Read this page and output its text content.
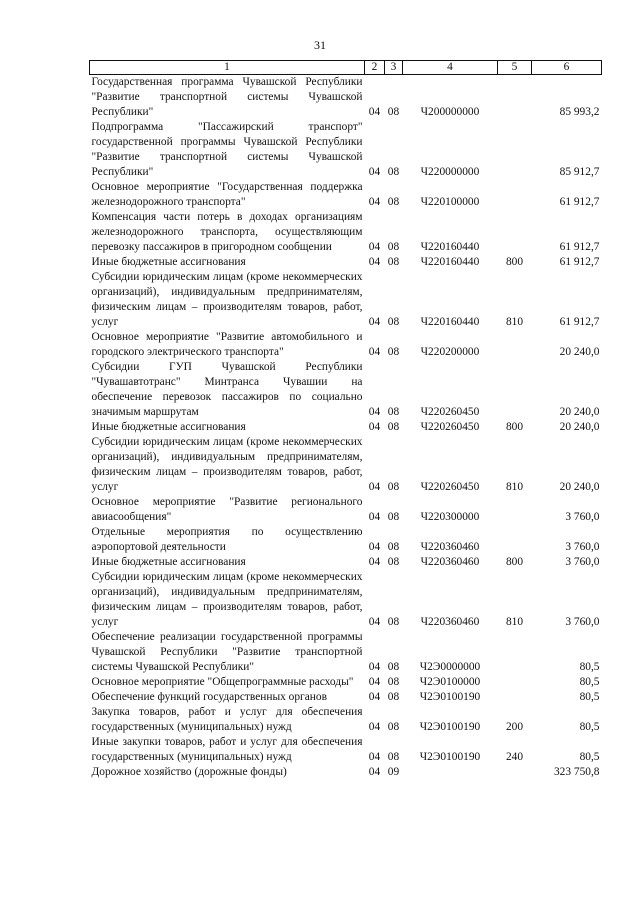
31
1	2	3	4	5	6
Государственная программа Чувашской Республики "Развитие транспортной системы Чувашской Республики"	04	08	Ч200000000		85 993,2
Подпрограмма "Пассажирский транспорт" государственной программы Чувашской Республики "Развитие транспортной системы Чувашской Республики"	04	08	Ч220000000		85 912,7
Основное мероприятие "Государственная поддержка железнодорожного транспорта"	04	08	Ч220100000		61 912,7
Компенсация части потерь в доходах организациям железнодорожного транспорта, осуществляющим перевозку пассажиров в пригородном сообщении	04	08	Ч220160440		61 912,7
Иные бюджетные ассигнования	04	08	Ч220160440	800	61 912,7
Субсидии юридическим лицам (кроме некоммерческих организаций), индивидуальным предпринимателям, физическим лицам – производителям товаров, работ, услуг	04	08	Ч220160440	810	61 912,7
Основное мероприятие "Развитие автомобильного и городского электрического транспорта"	04	08	Ч220200000		20 240,0
Субсидии ГУП Чувашской Республики "Чувашавтотранс" Минтранса Чувашии на обеспечение перевозок пассажиров по социально значимым маршрутам	04	08	Ч220260450		20 240,0
Иные бюджетные ассигнования	04	08	Ч220260450	800	20 240,0
Субсидии юридическим лицам (кроме некоммерческих организаций), индивидуальным предпринимателям, физическим лицам – производителям товаров, работ, услуг	04	08	Ч220260450	810	20 240,0
Основное мероприятие "Развитие регионального авиасообщения"	04	08	Ч220300000		3 760,0
Отдельные мероприятия по осуществлению аэропортовой деятельности	04	08	Ч220360460		3 760,0
Иные бюджетные ассигнования	04	08	Ч220360460	800	3 760,0
Субсидии юридическим лицам (кроме некоммерческих организаций), индивидуальным предпринимателям, физическим лицам – производителям товаров, работ, услуг	04	08	Ч220360460	810	3 760,0
Обеспечение реализации государственной программы Чувашской Республики "Развитие транспортной системы Чувашской Республики"	04	08	Ч2Э0000000		80,5
Основное мероприятие "Общепрограммные расходы"	04	08	Ч2Э0100000		80,5
Обеспечение функций государственных органов	04	08	Ч2Э0100190		80,5
Закупка товаров, работ и услуг для обеспечения государственных (муниципальных) нужд	04	08	Ч2Э0100190	200	80,5
Иные закупки товаров, работ и услуг для обеспечения государственных (муниципальных) нужд	04	08	Ч2Э0100190	240	80,5
Дорожное хозяйство (дорожные фонды)	04	09			323 750,8
